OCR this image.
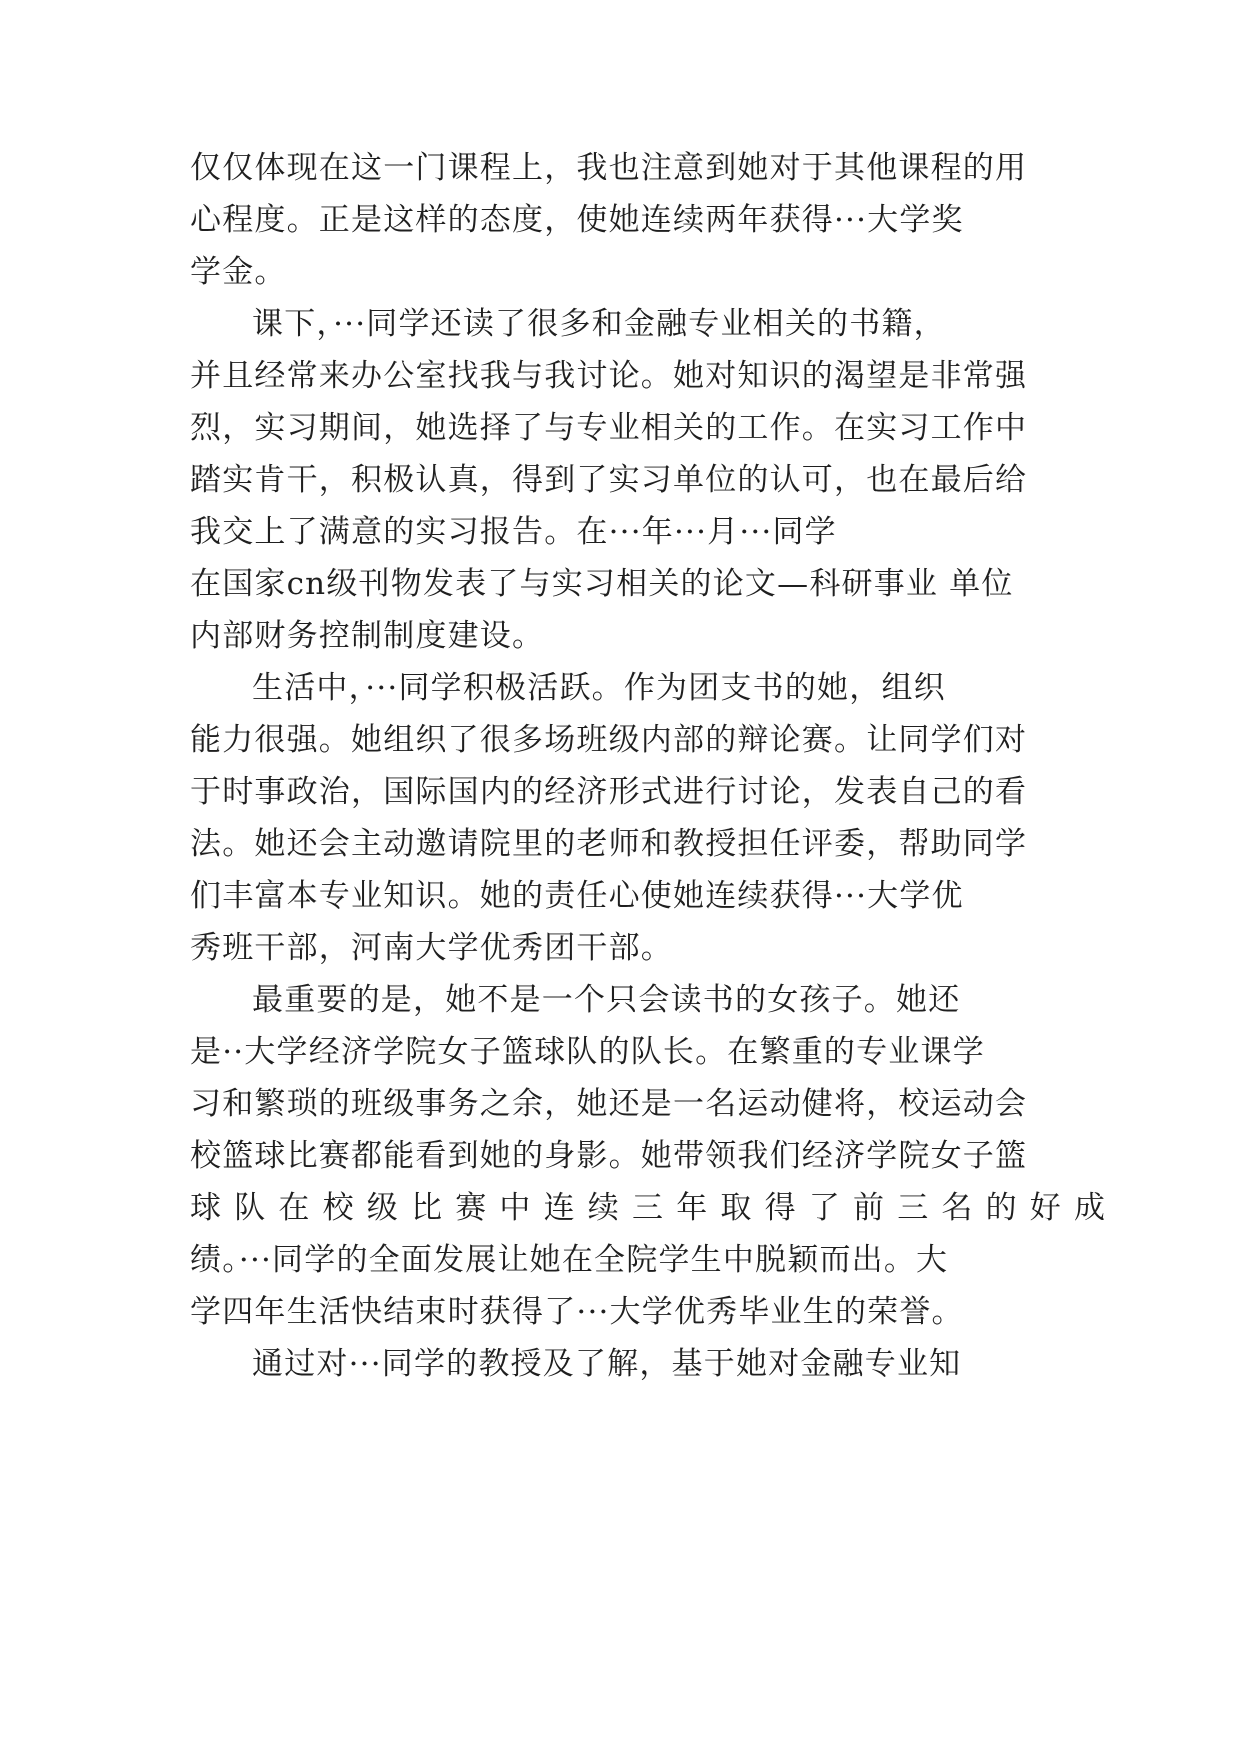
仅仅体现在这一门课程上，我也注意到她对于其他课程的用
心程度。正是这样的态度，使她连续两年获得···大学奖
学金。
课下，···同学还读了很多和金融专业相关的书籍，
并且经常来办公室找我与我讨论。她对知识的渴望是非常强
烈，实习期间，她选择了与专业相关的工作。在实习工作中
踏实肯干，积极认真，得到了实习单位的认可，也在最后给
我交上了满意的实习报告。在···年···月···同学
在国家cn级刊物发表了与实习相关的论文—科研事业 单位
内部财务控制制度建设。
生活中，···同学积极活跃。作为团支书的她，组织
能力很强。她组织了很多场班级内部的辩论赛。让同学们对
于时事政治，国际国内的经济形式进行讨论，发表自己的看
法。她还会主动邀请院里的老师和教授担任评委，帮助同学
们丰富本专业知识。她的责任心使她连续获得···大学优
秀班干部，河南大学优秀团干部。
最重要的是，她不是一个只会读书的女孩子。她还
是··大学经济学院女子篮球队的队长。在繁重的专业课学
习和繁琐的班级事务之余，她还是一名运动健将，校运动会
校篮球比赛都能看到她的身影。她带领我们经济学院女子篮
球队在校级比赛中连续三年取得了前三名的好成
绩。···同学的全面发展让她在全院学生中脱颖而出。大
学四年生活快结束时获得了···大学优秀毕业生的荣誉。
通过对···同学的教授及了解，基于她对金融专业知
